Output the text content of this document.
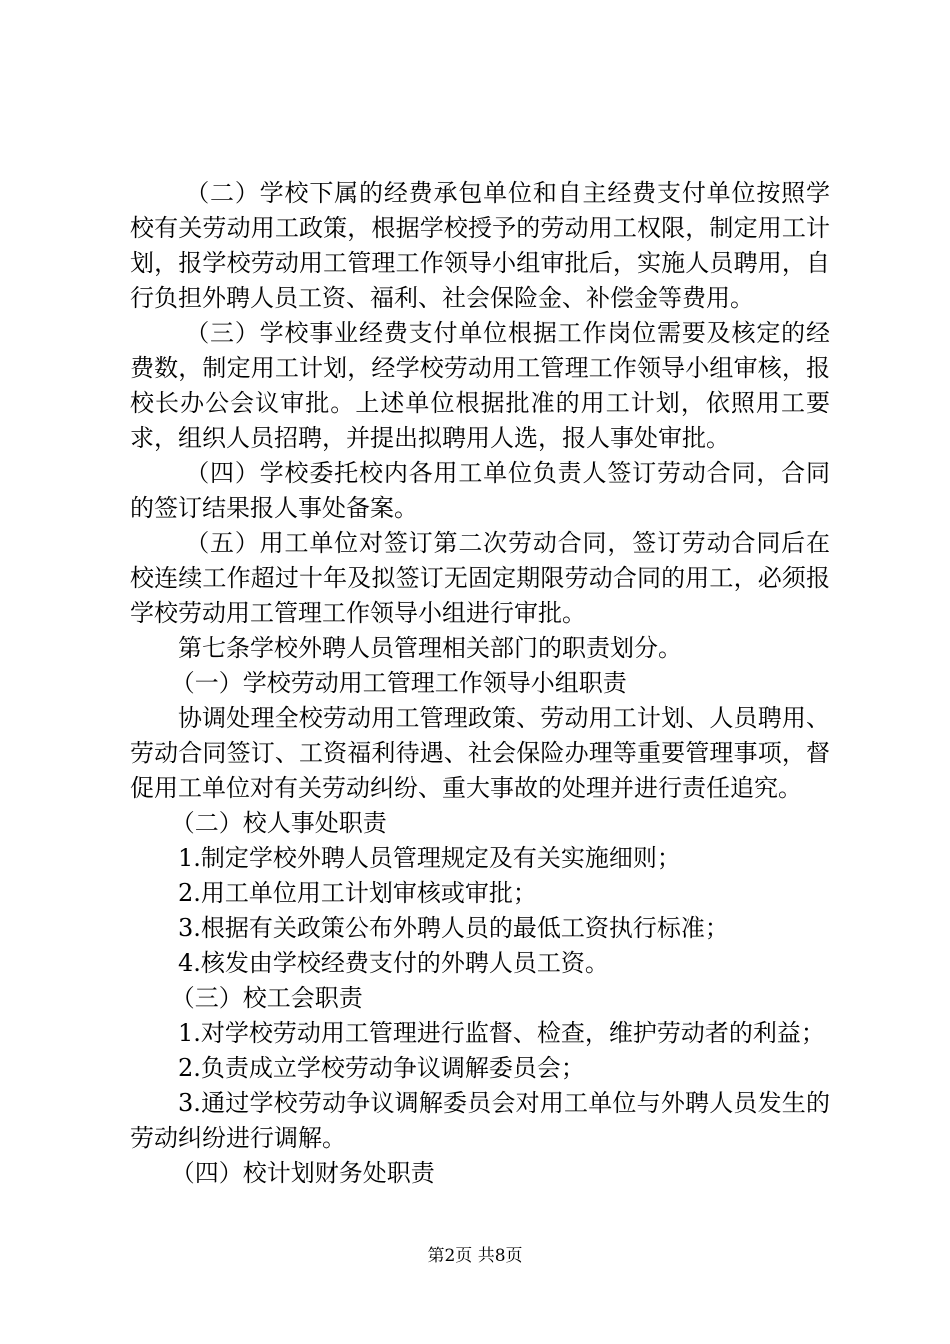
（二）学校下属的经费承包单位和自主经费支付单位按照学校有关劳动用工政策，根据学校授予的劳动用工权限，制定用工计划，报学校劳动用工管理工作领导小组审批后，实施人员聘用，自行负担外聘人员工资、福利、社会保险金、补偿金等费用。

（三）学校事业经费支付单位根据工作岗位需要及核定的经费数，制定用工计划，经学校劳动用工管理工作领导小组审核，报校长办公会议审批。上述单位根据批准的用工计划，依照用工要求，组织人员招聘，并提出拟聘用人选，报人事处审批。

（四）学校委托校内各用工单位负责人签订劳动合同，合同的签订结果报人事处备案。

（五）用工单位对签订第二次劳动合同，签订劳动合同后在校连续工作超过十年及拟签订无固定期限劳动合同的用工，必须报学校劳动用工管理工作领导小组进行审批。

第七条学校外聘人员管理相关部门的职责划分。

（一）学校劳动用工管理工作领导小组职责

协调处理全校劳动用工管理政策、劳动用工计划、人员聘用、劳动合同签订、工资福利待遇、社会保险办理等重要管理事项，督促用工单位对有关劳动纠纷、重大事故的处理并进行责任追究。

（二）校人事处职责

1.制定学校外聘人员管理规定及有关实施细则；

2.用工单位用工计划审核或审批；

3.根据有关政策公布外聘人员的最低工资执行标准；

4.核发由学校经费支付的外聘人员工资。

（三）校工会职责

1.对学校劳动用工管理进行监督、检查，维护劳动者的利益；

2.负责成立学校劳动争议调解委员会；

3.通过学校劳动争议调解委员会对用工单位与外聘人员发生的劳动纠纷进行调解。

（四）校计划财务处职责

第2页 共8页
